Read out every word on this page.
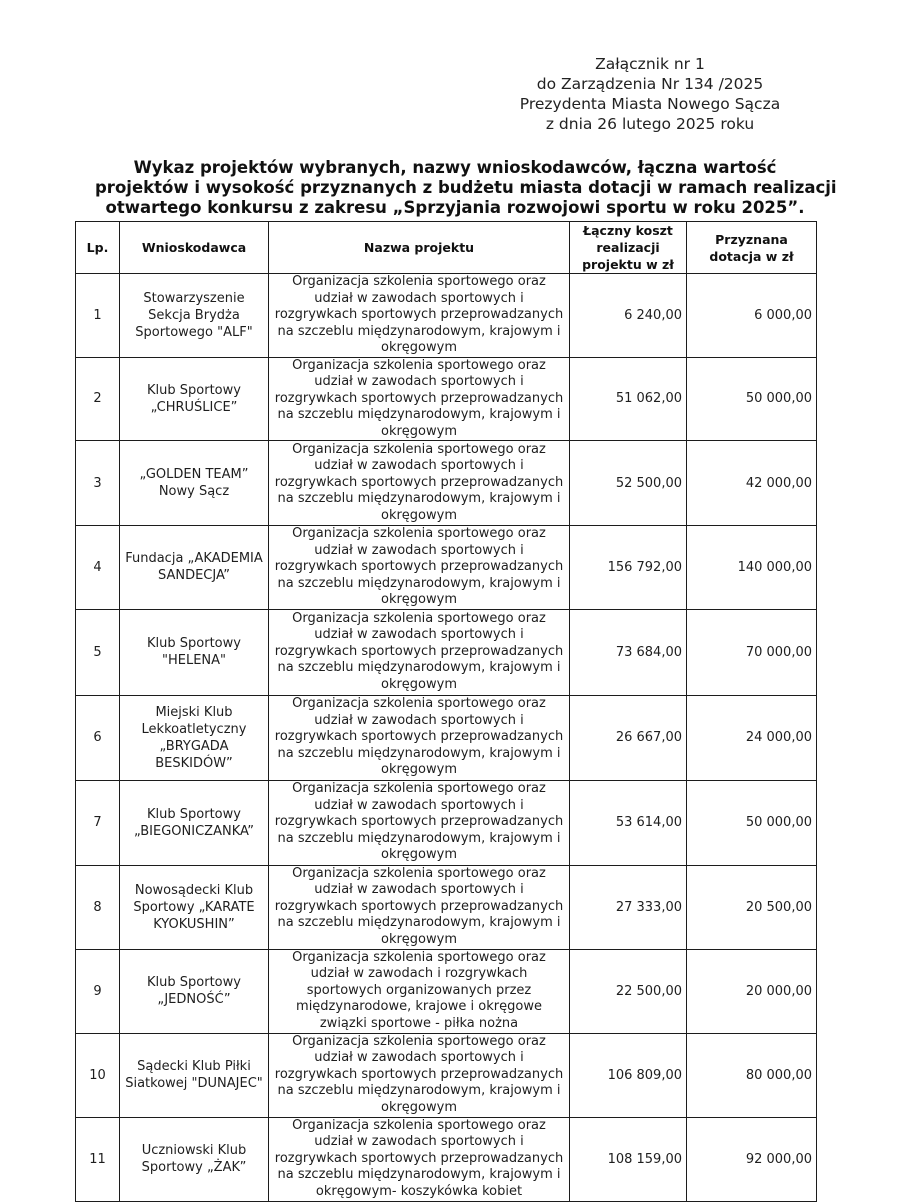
Załącznik nr 1
do Zarządzenia Nr 134 /2025
Prezydenta Miasta Nowego Sącza
z dnia 26 lutego 2025 roku
Wykaz projektów wybranych, nazwy wnioskodawców, łączna wartość
projektów i wysokość przyznanych z budżetu miasta dotacji w ramach realizacji
otwartego konkursu z zakresu „Sprzyjania rozwojowi sportu w roku 2025”.
Lp.	Wnioskodawca	Nazwa projektu	Łączny koszt realizacji projektu w zł	Przyznana dotacja w zł
1	Stowarzyszenie Sekcja Brydża Sportowego "ALF"	Organizacja szkolenia sportowego oraz udział w zawodach sportowych i rozgrywkach sportowych przeprowadzanych na szczeblu międzynarodowym, krajowym i okręgowym	6 240,00	6 000,00
2	Klub Sportowy „CHRUŚLICE”	Organizacja szkolenia sportowego oraz udział w zawodach sportowych i rozgrywkach sportowych przeprowadzanych na szczeblu międzynarodowym, krajowym i okręgowym	51 062,00	50 000,00
3	„GOLDEN TEAM” Nowy Sącz	Organizacja szkolenia sportowego oraz udział w zawodach sportowych i rozgrywkach sportowych przeprowadzanych na szczeblu międzynarodowym, krajowym i okręgowym	52 500,00	42 000,00
4	Fundacja „AKADEMIA SANDECJA”	Organizacja szkolenia sportowego oraz udział w zawodach sportowych i rozgrywkach sportowych przeprowadzanych na szczeblu międzynarodowym, krajowym i okręgowym	156 792,00	140 000,00
5	Klub Sportowy "HELENA"	Organizacja szkolenia sportowego oraz udział w zawodach sportowych i rozgrywkach sportowych przeprowadzanych na szczeblu międzynarodowym, krajowym i okręgowym	73 684,00	70 000,00
6	Miejski Klub Lekkoatletyczny „BRYGADA BESKIDÓW”	Organizacja szkolenia sportowego oraz udział w zawodach sportowych i rozgrywkach sportowych przeprowadzanych na szczeblu międzynarodowym, krajowym i okręgowym	26 667,00	24 000,00
7	Klub Sportowy „BIEGONICZANKA”	Organizacja szkolenia sportowego oraz udział w zawodach sportowych i rozgrywkach sportowych przeprowadzanych na szczeblu międzynarodowym, krajowym i okręgowym	53 614,00	50 000,00
8	Nowosądecki Klub Sportowy „KARATE KYOKUSHIN”	Organizacja szkolenia sportowego oraz udział w zawodach sportowych i rozgrywkach sportowych przeprowadzanych na szczeblu międzynarodowym, krajowym i okręgowym	27 333,00	20 500,00
9	Klub Sportowy „JEDNOŚĆ”	Organizacja szkolenia sportowego oraz udział w zawodach i rozgrywkach sportowych organizowanych przez międzynarodowe, krajowe i okręgowe związki sportowe - piłka nożna	22 500,00	20 000,00
10	Sądecki Klub Piłki Siatkowej "DUNAJEC"	Organizacja szkolenia sportowego oraz udział w zawodach sportowych i rozgrywkach sportowych przeprowadzanych na szczeblu międzynarodowym, krajowym i okręgowym	106 809,00	80 000,00
11	Uczniowski Klub Sportowy „ŻAK”	Organizacja szkolenia sportowego oraz udział w zawodach sportowych i rozgrywkach sportowych przeprowadzanych na szczeblu międzynarodowym, krajowym i okręgowym- koszykówka kobiet	108 159,00	92 000,00
